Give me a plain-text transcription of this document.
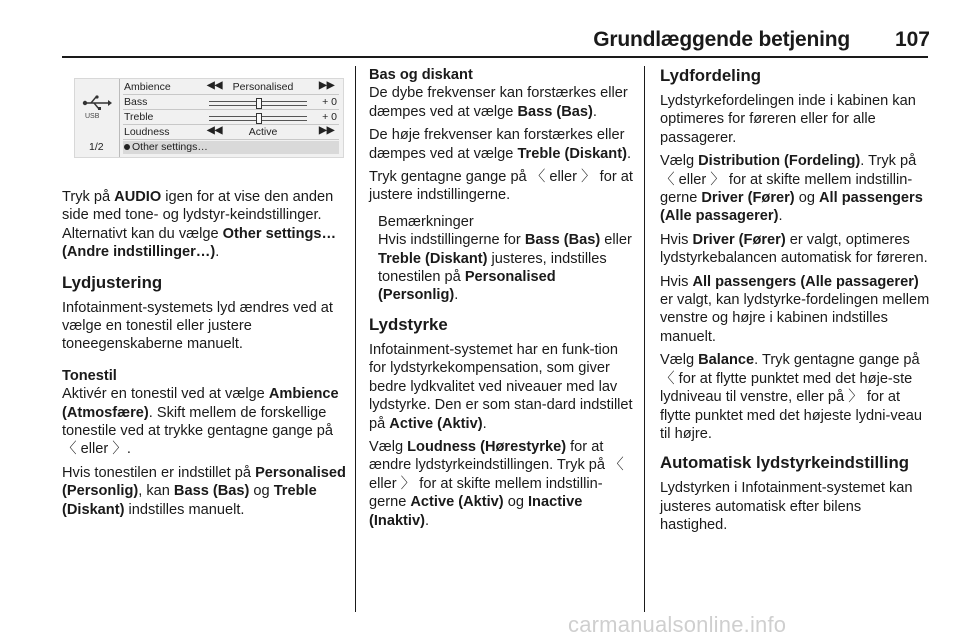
Grundlæggende betjening	107
USB
1/2
Ambience	◀◀ Personalised	▶▶
Bass	+ 0
Treble	+ 0
Loudness	◀◀	Active	▶▶
Other settings…

Tryk på AUDIO igen for at vise den anden side med tone- og lydstyr-keindstillinger. Alternativt kan du vælge Other settings… (Andre indstillinger…).

Lydjustering

Infotainment-systemets lyd ændres ved at vælge en tonestil eller justere toneegenskaberne manuelt.

Tonestil

Aktivér en tonestil ved at vælge Ambience (Atmosfære). Skift mellem de forskellige tonestile ved at trykke gentagne gange på 〈 eller 〉.

Hvis tonestilen er indstillet på Personalised (Personlig), kan Bass (Bas) og Treble (Diskant) indstilles manuelt.

Bas og diskant

De dybe frekvenser kan forstærkes eller dæmpes ved at vælge Bass (Bas).

De høje frekvenser kan forstærkes eller dæmpes ved at vælge Treble (Diskant).

Tryk gentagne gange på 〈 eller 〉 for at justere indstillingerne.

Bemærkninger

Hvis indstillingerne for Bass (Bas) eller Treble (Diskant) justeres, indstilles tonestilen på Personalised (Personlig).

Lydstyrke

Infotainment-systemet har en funk-tion for lydstyrkekompensation, som giver bedre lydkvalitet ved niveauer med lav lydstyrke. Den er som stan-dard indstillet på Active (Aktiv).

Vælg Loudness (Hørestyrke) for at ændre lydstyrkeindstillingen. Tryk på 〈 eller 〉 for at skifte mellem indstillin-gerne Active (Aktiv) og Inactive (Inaktiv).

Lydfordeling

Lydstyrkefordelingen inde i kabinen kan optimeres for føreren eller for alle passagerer.

Vælg Distribution (Fordeling). Tryk på 〈 eller 〉 for at skifte mellem indstillin-gerne Driver (Fører) og All passengers (Alle passagerer).

Hvis Driver (Fører) er valgt, optimeres lydstyrkebalancen automatisk for føreren.

Hvis All passengers (Alle passagerer) er valgt, kan lydstyrke-fordelingen mellem venstre og højre i kabinen indstilles manuelt.

Vælg Balance. Tryk gentagne gange på 〈 for at flytte punktet med det høje-ste lydniveau til venstre, eller på 〉 for at flytte punktet med det højeste lydni-veau til højre.

Automatisk lydstyrkeindstilling

Lydstyrken i Infotainment-systemet kan justeres automatisk efter bilens hastighed.

carmanualsonline.info
